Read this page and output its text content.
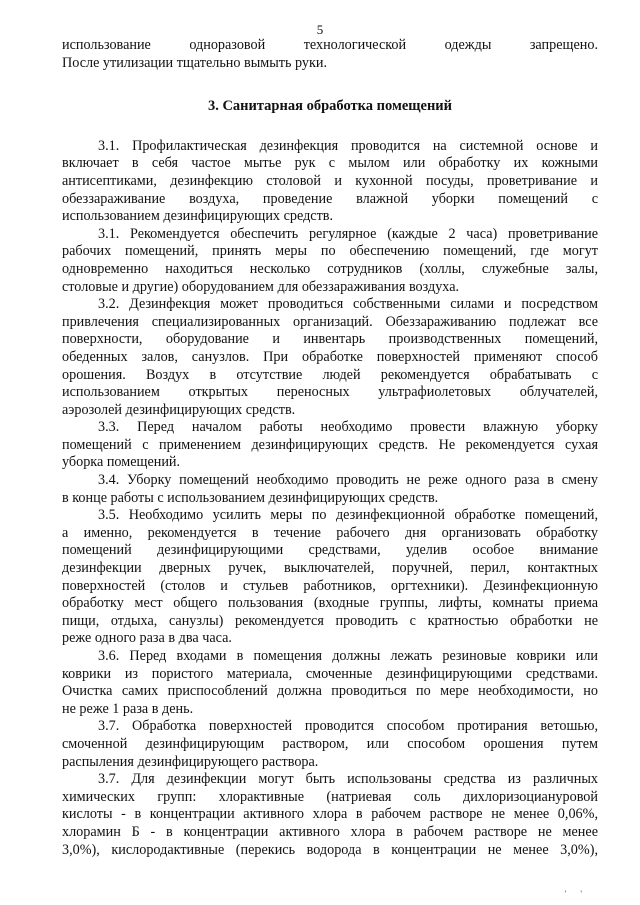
5
использование одноразовой технологической одежды запрещено.
После утилизации тщательно вымыть руки.
3. Санитарная обработка помещений
3.1. Профилактическая дезинфекция проводится на системной основе и
включает в себя частое мытье рук с мылом или обработку их кожными
антисептиками, дезинфекцию столовой и кухонной посуды, проветривание и
обеззараживание воздуха, проведение влажной уборки помещений с
использованием дезинфицирующих средств.
3.1. Рекомендуется обеспечить регулярное (каждые 2 часа) проветривание
рабочих помещений, принять меры по обеспечению помещений, где могут
одновременно находиться несколько сотрудников (холлы, служебные залы,
столовые и другие) оборудованием для обеззараживания воздуха.
3.2. Дезинфекция может проводиться собственными силами и посредством
привлечения специализированных организаций. Обеззараживанию подлежат все
поверхности, оборудование и инвентарь производственных помещений,
обеденных залов, санузлов. При обработке поверхностей применяют способ
орошения. Воздух в отсутствие людей рекомендуется обрабатывать с
использованием открытых переносных ультрафиолетовых облучателей,
аэрозолей дезинфицирующих средств.
3.3. Перед началом работы необходимо провести влажную уборку
помещений с применением дезинфицирующих средств. Не рекомендуется сухая
уборка помещений.
3.4. Уборку помещений необходимо проводить не реже одного раза в смену
в конце работы с использованием дезинфицирующих средств.
3.5. Необходимо усилить меры по дезинфекционной обработке помещений,
а именно, рекомендуется в течение рабочего дня организовать обработку
помещений дезинфицирующими средствами, уделив особое внимание
дезинфекции дверных ручек, выключателей, поручней, перил, контактных
поверхностей (столов и стульев работников, оргтехники). Дезинфекционную
обработку мест общего пользования (входные группы, лифты, комнаты приема
пищи, отдыха, санузлы) рекомендуется проводить с кратностью обработки не
реже одного раза в два часа.
3.6. Перед входами в помещения должны лежать резиновые коврики или
коврики из пористого материала, смоченные дезинфицирующими средствами.
Очистка самих приспособлений должна проводиться по мере необходимости, но
не реже 1 раза в день.
3.7. Обработка поверхностей проводится способом протирания ветошью,
смоченной дезинфицирующим раствором, или способом орошения путем
распыления дезинфицирующего раствора.
3.7. Для дезинфекции могут быть использованы средства из различных
химических групп: хлорактивные (натриевая соль дихлоризоциануровой
кислоты - в концентрации активного хлора в рабочем растворе не менее 0,06%,
хлорамин Б - в концентрации активного хлора в рабочем растворе не менее
3,0%), кислородактивные (перекись водорода в концентрации не менее 3,0%),
' '
